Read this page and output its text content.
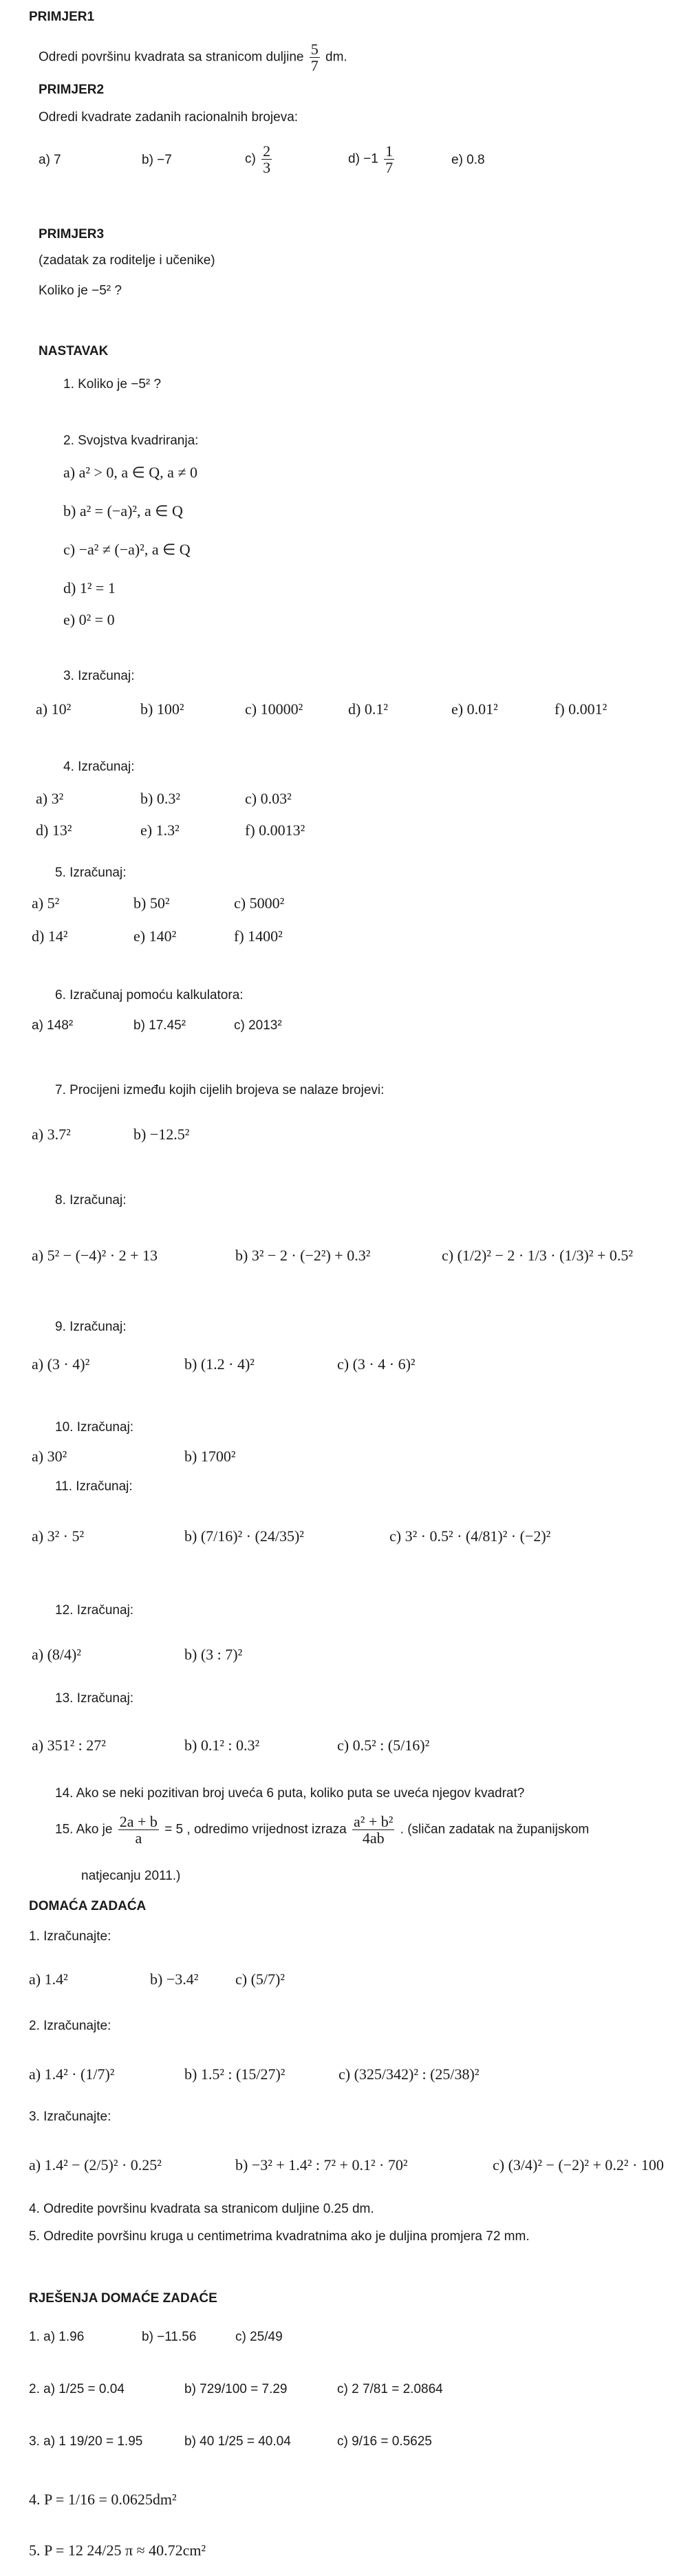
PRIMJER1
Odredi površinu kvadrata sa stranicom duljine $\frac{5}{7}$ dm.
PRIMJER2
Odredi kvadrate zadanih racionalnih brojeva:
a) 7	b) −7	$c) \frac{2}{3}$	$d) -1 \frac{1}{7}$	e) 0.8
PRIMJER3
(zadatak za roditelje i učenike)
Koliko je −5² ?
NASTAVAK
1. Koliko je −5² ?
2. Svojstva kvadriranja:
a) a² > 0, a ∈ Q, a ≠ 0
b) a² = (−a)², a ∈ Q
c) −a² ≠ (−a)², a ∈ Q
d) 1² = 1
e) 0² = 0
3. Izračunaj:
a) 10²	b) 100²	c) 10000²	d) 0.1²	e) 0.01²	f) 0.001²
4. Izračunaj:
a) 3²	b) 0.3²	c) 0.03²
d) 13²	e) 1.3²	f) 0.0013²
5. Izračunaj:
a) 5²	b) 50²	c) 5000²
d) 14²	e) 140²	f) 1400²
6. Izračunaj pomoću kalkulatora:
a) 148²	b) 17.45²	c) 2013²
7. Procijeni između kojih cijelih brojeva se nalaze brojevi:
a) 3.7²	b) −12.5²
8. Izračunaj:
a) 5² − (−4)² · 2 + 13	b) 3² − 2 · (−2²) + 0.3²	c) (1/2)² − 2 · 1/3 · (1/3)² + 0.5²
9. Izračunaj:
a) (3 · 4)²	b) (1.2 · 4)²	c) (3 · 4 · 6)²
10. Izračunaj:
a) 30²	b) 1700²
11. Izračunaj:
a) 3² · 5²	b) (7/16)² · (24/35)²	c) 3² · 0.5² · (4/81)² · (−2)²
12. Izračunaj:
a) (8/4)²	b) (3 : 7)²
13. Izračunaj:
a) 351² : 27²	b) 0.1² : 0.3²	c) 0.5² : (5/16)²
14. Ako se neki pozitivan broj uveća 6 puta, koliko puta se uveća njegov kvadrat?
15. Ako je $\frac{2a + b}{a} = 5$ , odredimo vrijednost izraza $\frac{\text{a² + b²}}{4ab}$ . (sličan zadatak na županijskom
natjecanju 2011.)
DOMAĆA ZADAĆA
1. Izračunajte:
a) 1.4²	b) −3.4² c) (5/7)²
2. Izračunajte:
a) 1.4² · (1/7)²	b) 1.5² : (15/27)²	c) (325/342)² : (25/38)²
3. Izračunajte:
a) 1.4² − (2/5)² · 0.25²	b) −3² + 1.4² : 7² + 0.1² · 70²	c) (3/4)² − (−2)² + 0.2² · 100
4. Odredite površinu kvadrata sa stranicom duljine 0.25 dm.
5. Odredite površinu kruga u centimetrima kvadratnima ako je duljina promjera 72 mm.
RJEŠENJA DOMAĆE ZADAĆE
1. a) 1.96	b) −11.56	c) 25/49
2. a) 1/25 = 0.04	b) 729/100 = 7.29	c) 2 7/81 = 2.0864
3. a) 1 19/20 = 1.95	b) 40 1/25 = 40.04	c) 9/16 = 0.5625
4. P = 1/16 = 0.0625dm²
5. P = 12 24/25 π ≈ 40.72cm²
